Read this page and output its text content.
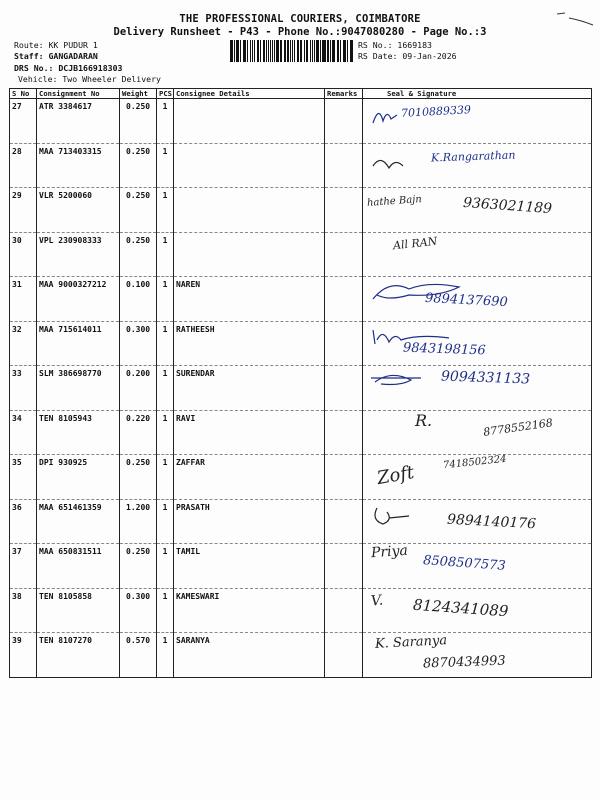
THE PROFESSIONAL COURIERS, COIMBATORE
Delivery Runsheet - P43 - Phone No.:9047080280 - Page No.:3
Route: KK PUDUR 1
Staff: GANGADARAN
DRS No.: DCJB166918303
Vehicle: Two Wheeler Delivery
RS No.: 1669183
RS Date: 09-Jan-2026
S No	Consignment No	Weight	PCS	Consignee Details	Remarks	Seal & Signature
27	ATR 3384617	0.250	1			7010889339

28	MAA 713403315	0.250	1			K.Rangarathan

29	VLR 5200060	0.250	1			hathe Bajn 9363021189

30	VPL 230908333	0.250	1			All RAN

31	MAA 9000327212	0.100	1	NAREN		9894137690

32	MAA 715614011	0.300	1	RATHEESH		9843198156

33	SLM 386698770	0.200	1	SURENDAR		9094331133

34	TEN 8105943	0.220	1	RAVI		R. 8778552168

35	DPI 930925	0.250	1	ZAFFAR		Zoft 7418502324

36	MAA 651461359	1.200	1	PRASATH		9894140176

37	MAA 650831511	0.250	1	TAMIL		Priya
8508507573

38	TEN 8105858	0.300	1	KAMESWARI		V. 8124341089

39	TEN 8107270	0.570	1	SARANYA		K. Saranya
8870434993
